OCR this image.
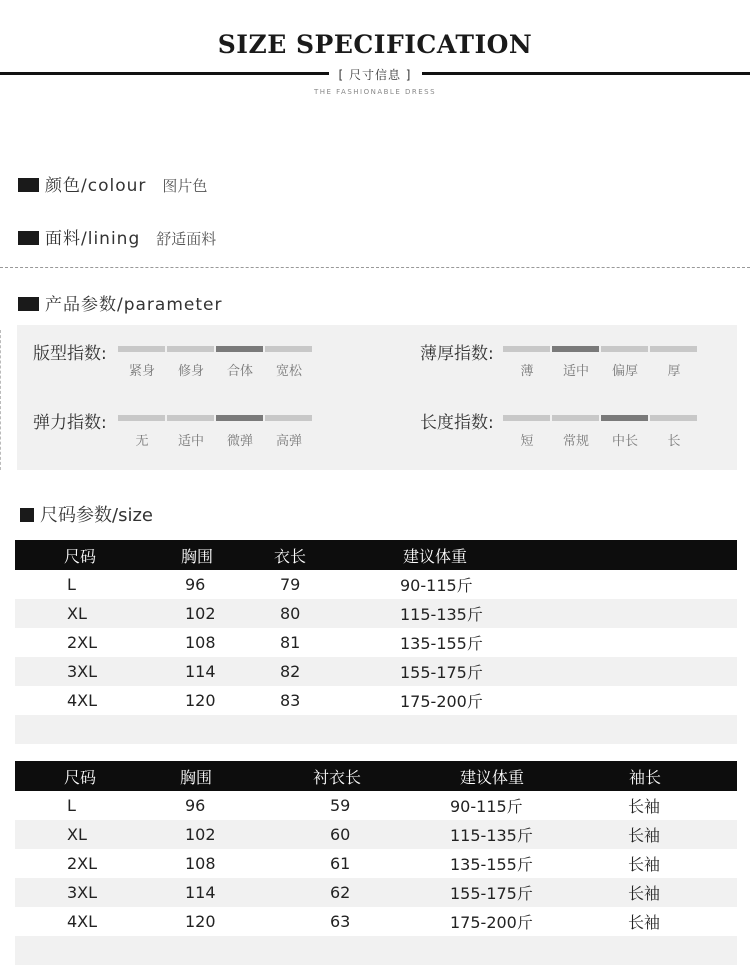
SIZE SPECIFICATION
[ 尺寸信息 ]
THE FASHIONABLE DRESS
颜色/colour 图片色
面料/lining 舒适面料
产品参数/parameter
版型指数:
紧身	修身	合体	宽松
薄厚指数:
薄	适中	偏厚	厚
弹力指数:
无	适中	微弹	高弹
长度指数:
短	常规	中长	长
尺码参数/size
尺码	胸围	衣长	建议体重
L	96	79	90-115斤
XL	102	80	115-135斤
2XL	108	81	135-155斤
3XL	114	82	155-175斤
4XL	120	83	175-200斤

尺码	胸围	衬衣长	建议体重	袖长
L	96	59	90-115斤	长袖
XL	102	60	115-135斤	长袖
2XL	108	61	135-155斤	长袖
3XL	114	62	155-175斤	长袖
4XL	120	63	175-200斤	长袖
